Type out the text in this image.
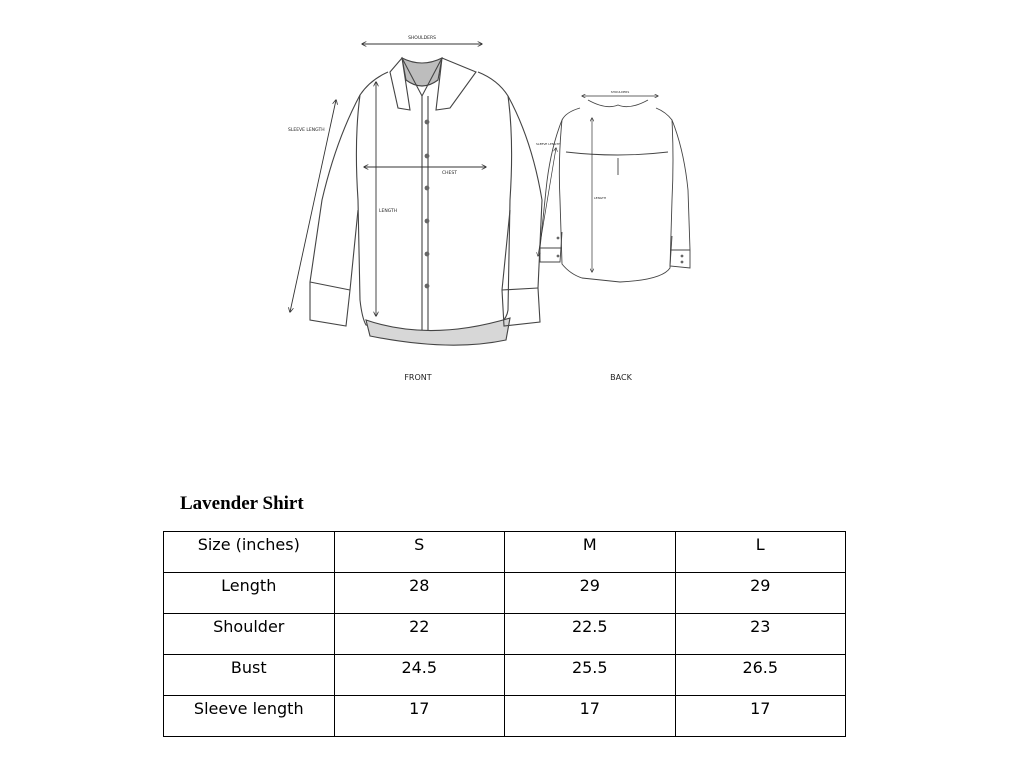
SHOULDERS
SLEEVE LENGTH
CHEST
LENGTH
FRONT
SHOULDERS
SLEEVE LENGTH
LENGTH
BACK
Lavender Shirt
Size (inches)	S	M	L
Length	28	29	29
Shoulder	22	22.5	23
Bust	24.5	25.5	26.5
Sleeve length	17	17	17
